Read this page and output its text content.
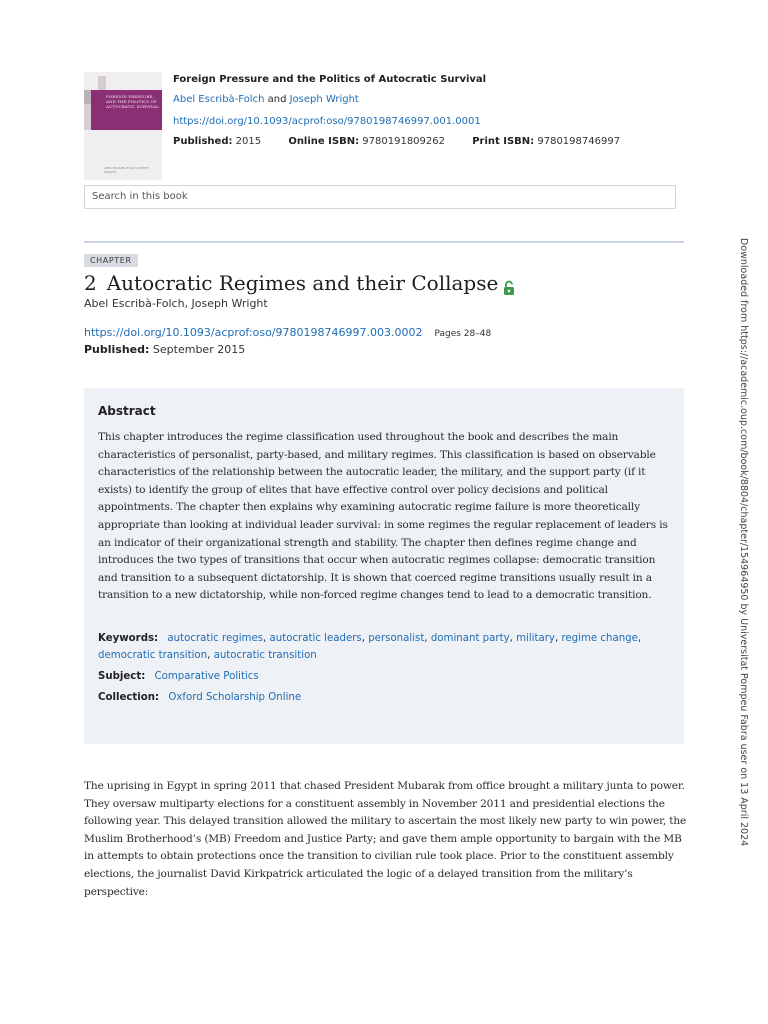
FOREIGN PRESSURE, AND THE POLITICS OF AUTOCRATIC SURVIVAL
ABEL ESCRIBÀ-FOLCH JOSEPH WRIGHT
Foreign Pressure and the Politics of Autocratic Survival
Abel Escribà-Folch and Joseph Wright
https://doi.org/10.1093/acprof:oso/9780198746997.001.0001
Published: 2015	Online ISBN: 9780191809262	Print ISBN: 9780198746997
Search in this book
CHAPTER
2 Autocratic Regimes and their Collapse
Abel Escribà-Folch, Joseph Wright
https://doi.org/10.1093/acprof:oso/9780198746997.003.0002 Pages 28–48
Published: September 2015
Abstract

This chapter introduces the regime classification used throughout the book and describes the main characteristics of personalist, party-based, and military regimes. This classification is based on observable characteristics of the relationship between the autocratic leader, the military, and the support party (if it exists) to identify the group of elites that have effective control over policy decisions and political appointments. The chapter then explains why examining autocratic regime failure is more theoretically appropriate than looking at individual leader survival: in some regimes the regular replacement of leaders is an indicator of their organizational strength and stability. The chapter then defines regime change and introduces the two types of transitions that occur when autocratic regimes collapse: democratic transition and transition to a subsequent dictatorship. It is shown that coerced regime transitions usually result in a transition to a new dictatorship, while non-forced regime changes tend to lead to a democratic transition.

Keywords: autocratic regimes, autocratic leaders, personalist, dominant party, military, regime change, democratic transition, autocratic transition
Subject: Comparative Politics
Collection: Oxford Scholarship Online

The uprising in Egypt in spring 2011 that chased President Mubarak from office brought a military junta to power. They oversaw multiparty elections for a constituent assembly in November 2011 and presidential elections the following year. This delayed transition allowed the military to ascertain the most likely new party to win power, the Muslim Brotherhood’s (MB) Freedom and Justice Party; and gave them ample opportunity to bargain with the MB in attempts to obtain protections once the transition to civilian rule took place. Prior to the constituent assembly elections, the journalist David Kirkpatrick articulated the logic of a delayed transition from the military’s perspective:

Downloaded from https://academic.oup.com/book/8804/chapter/154964950 by Universitat Pompeu Fabra user on 13 April 2024
